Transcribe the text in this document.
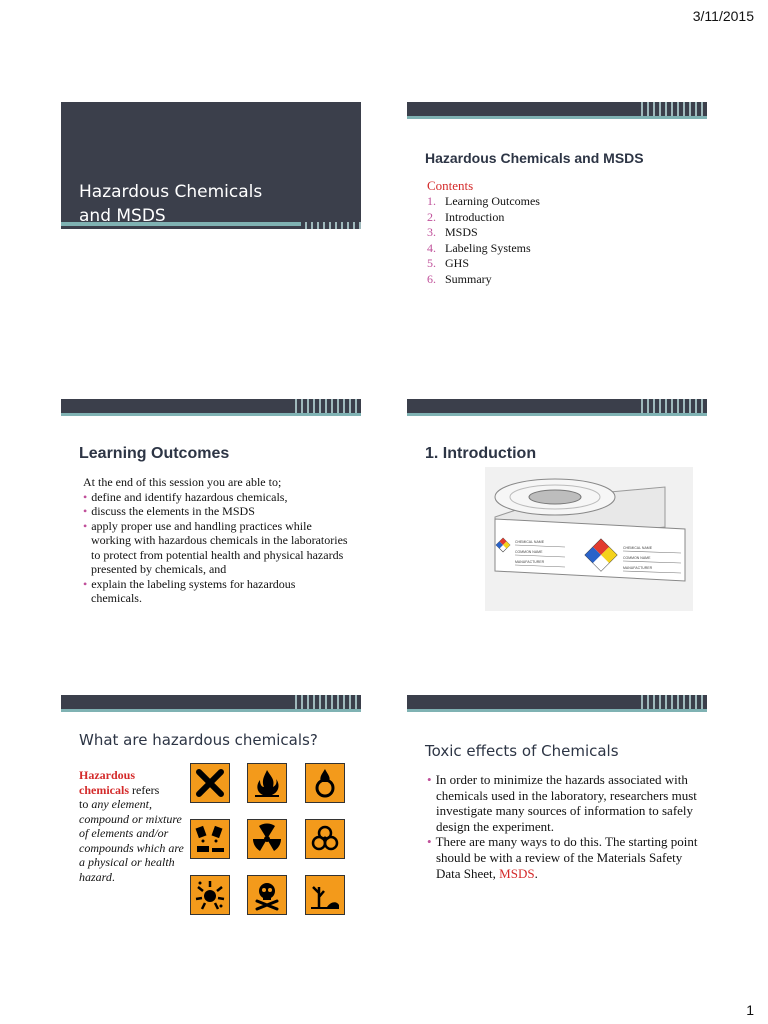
3/11/2015
1
Hazardous Chemicals
and MSDS
Hazardous Chemicals and MSDS
Contents
1. Learning Outcomes
2. Introduction
3. MSDS
4. Labeling Systems
5. GHS
6. Summary
Learning Outcomes
At the end of this session you are able to;
• define and identify hazardous chemicals,
• discuss the elements in the MSDS
• apply proper use and handling practices while working with hazardous chemicals in the laboratories to protect from potential health and physical hazards presented by chemicals, and
• explain the labeling systems for hazardous chemicals.
1. Introduction
CHEMICAL NAME
COMMON NAME
MANUFACTURER
CHEMICAL NAME
COMMON NAME
MANUFACTURER
What are hazardous chemicals?
Hazardous chemicals refers
to any element, compound or mixture of elements and/or compounds which are a physical or health hazard.
Toxic effects of Chemicals
• In order to minimize the hazards associated with chemicals used in the laboratory, researchers must investigate many sources of information to safely design the experiment.
• There are many ways to do this. The starting point should be with a review of the Materials Safety Data Sheet, MSDS.
